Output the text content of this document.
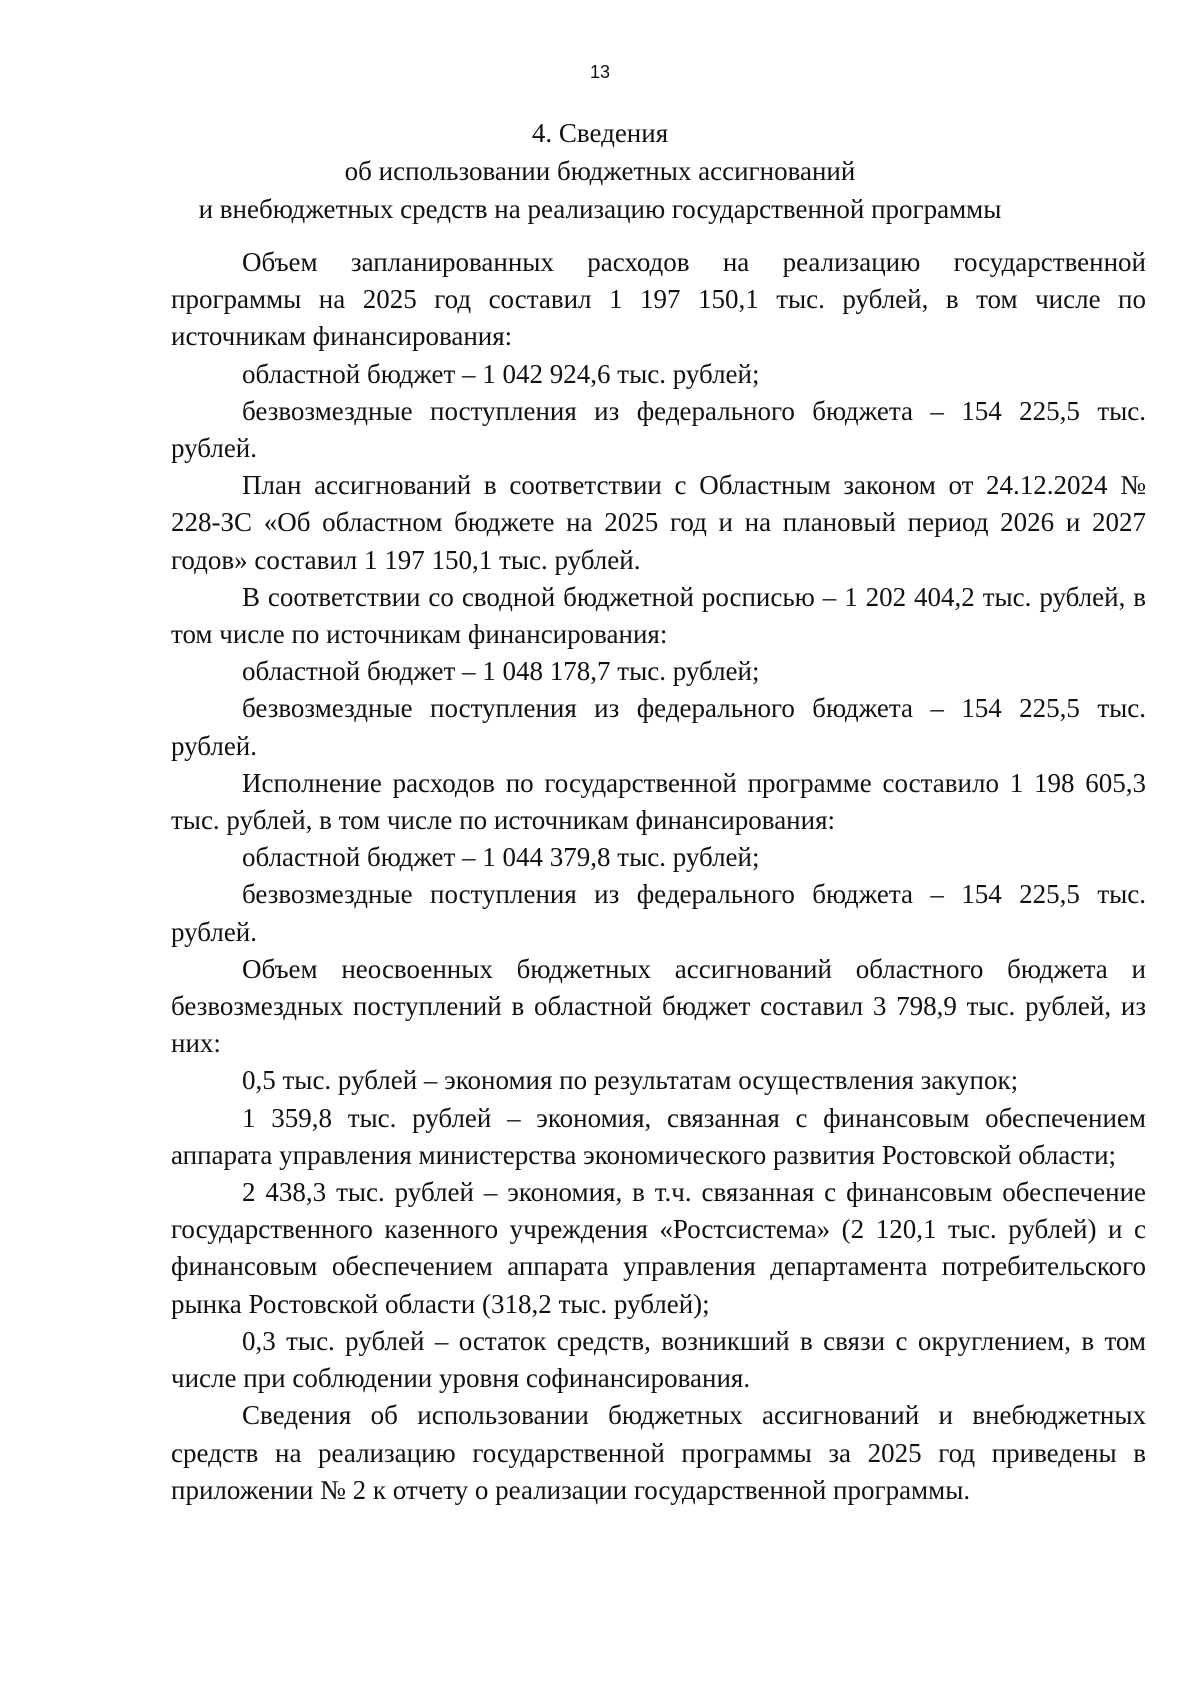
13
4. Сведения
об использовании бюджетных ассигнований
и внебюджетных средств на реализацию государственной программы

Объем запланированных расходов на реализацию государственной программы на 2025 год составил 1 197 150,1 тыс. рублей, в том числе по источникам финансирования:

областной бюджет – 1 042 924,6 тыс. рублей;

безвозмездные поступления из федерального бюджета – 154 225,5 тыс. рублей.

План ассигнований в соответствии с Областным законом от 24.12.2024 № 228-ЗС «Об областном бюджете на 2025 год и на плановый период 2026 и 2027 годов» составил 1 197 150,1 тыс. рублей.

В соответствии со сводной бюджетной росписью – 1 202 404,2 тыс. рублей, в том числе по источникам финансирования:

областной бюджет – 1 048 178,7 тыс. рублей;

безвозмездные поступления из федерального бюджета – 154 225,5 тыс. рублей.

Исполнение расходов по государственной программе составило 1 198 605,3 тыс. рублей, в том числе по источникам финансирования:

областной бюджет – 1 044 379,8 тыс. рублей;

безвозмездные поступления из федерального бюджета – 154 225,5 тыс. рублей.

Объем неосвоенных бюджетных ассигнований областного бюджета и безвозмездных поступлений в областной бюджет составил 3 798,9 тыс. рублей, из них:

0,5 тыс. рублей – экономия по результатам осуществления закупок;

1 359,8 тыс. рублей – экономия, связанная с финансовым обеспечением аппарата управления министерства экономического развития Ростовской области;

2 438,3 тыс. рублей – экономия, в т.ч. связанная с финансовым обеспечение государственного казенного учреждения «Ростсистема» (2 120,1 тыс. рублей) и с финансовым обеспечением аппарата управления департамента потребительского рынка Ростовской области (318,2 тыс. рублей);

0,3 тыс. рублей – остаток средств, возникший в связи с округлением, в том числе при соблюдении уровня софинансирования.

Сведения об использовании бюджетных ассигнований и внебюджетных средств на реализацию государственной программы за 2025 год приведены в приложении № 2 к отчету о реализации государственной программы.
